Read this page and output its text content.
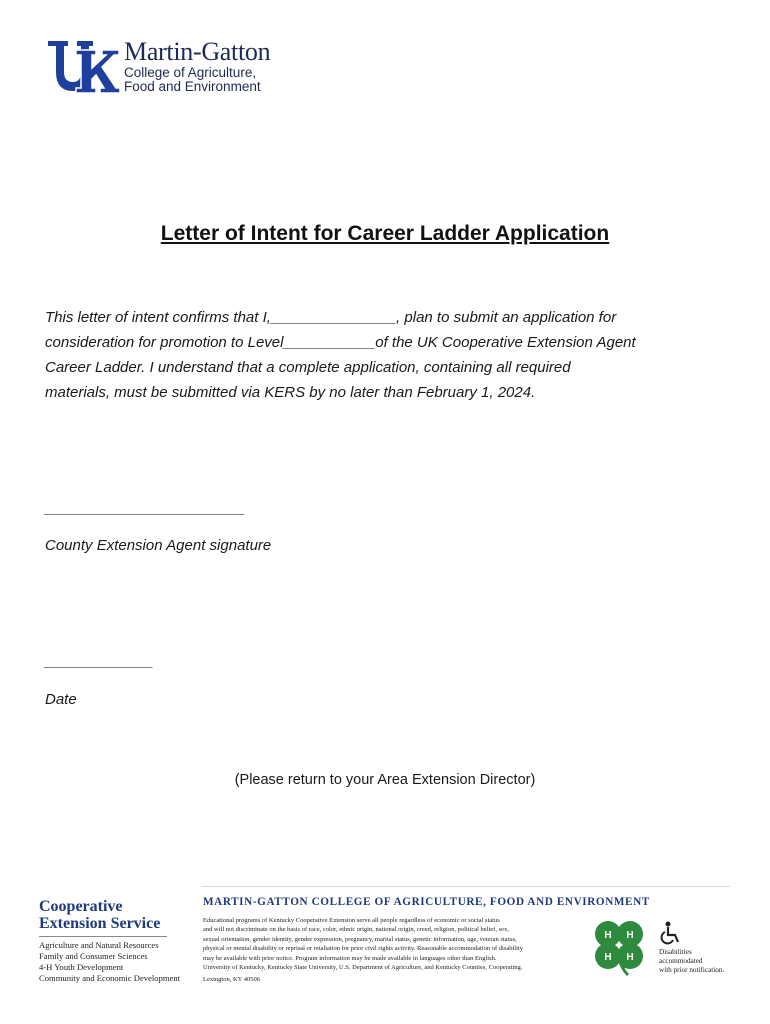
Martin-Gatton
College of Agriculture,
Food and Environment
Letter of Intent for Career Ladder Application
This letter of intent confirms that I,_______________, plan to submit an application for
consideration for promotion to Level___________of the UK Cooperative Extension Agent
Career Ladder. I understand that a complete application, containing all required
materials, must be submitted via KERS by no later than February 1, 2024.
________________________
County Extension Agent signature
_____________
Date
(Please return to your Area Extension Director)
Cooperative
Extension Service
Agriculture and Natural Resources
Family and Consumer Sciences
4-H Youth Development
Community and Economic Development
MARTIN-GATTON COLLEGE OF AGRICULTURE, FOOD AND ENVIRONMENT
Educational programs of Kentucky Cooperative Extension serve all people regardless of economic or social status
and will not discriminate on the basis of race, color, ethnic origin, national origin, creed, religion, political belief, sex,
sexual orientation, gender identity, gender expression, pregnancy, marital status, genetic information, age, veteran status,
physical or mental disability or reprisal or retaliation for prior civil rights activity. Reasonable accommodation of disability
may be available with prior notice. Program information may be made available in languages other than English.
University of Kentucky, Kentucky State University, U.S. Department of Agriculture, and Kentucky Counties, Cooperating.
Lexington, KY 40506
H H
H H	Disabilities
accommodated
with prior notification.
